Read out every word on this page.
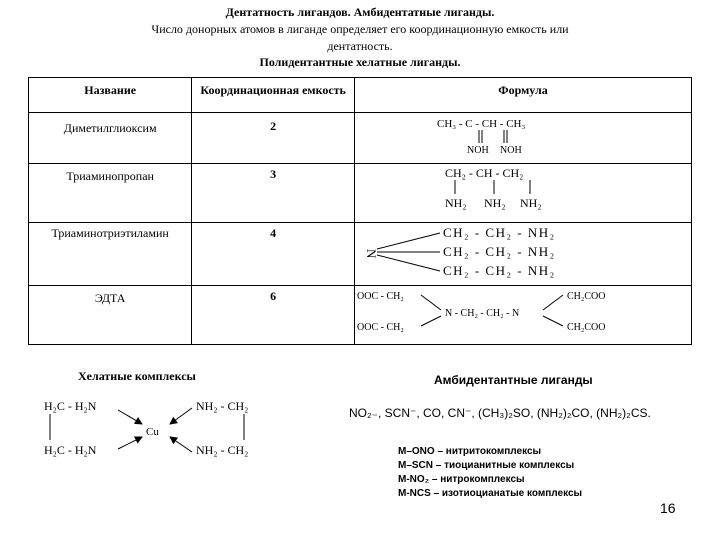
Дентатность лигандов. Амбидентатные лиганды.
Число донорных атомов в лиганде определяет его координационную емкость или
дентатность.
Полидентантные хелатные лиганды.
Название	Координационная емкость	Формула
Диметилглиоксим	2	CH₃ - C - CH - CH₃
NOH NOH

Триаминопропан	3	CH₂ - CH - CH₂
NH₂ NH₂ NH₂

Триаминотриэтиламин	4	N
CH₂ - CH₂ - NH₂
CH₂ - CH₂ - NH₂
CH₂ - CH₂ - NH₂

ЭДТА	6	OOC - CH₂
OOC - CH₂
N - CH₂ - CH₂ - N
CH₂COO
CH₂COO
Хелатные комплексы
H₂C - H₂N
H₂C - H₂N
Cu
NH₂ - CH₂
NH₂ - CH₂
Амбидентантные лиганды
NO₂₋, SCN⁻, CO, CN⁻, (CH₃)₂SO, (NH₂)₂CO, (NH₂)₂CS.
M–ONO – нитритокомплексы
M–SCN – тиоцианитные комплексы
M-NO₂ – нитрокомплексы
M-NCS – изотиоцианатые комплексы
16
